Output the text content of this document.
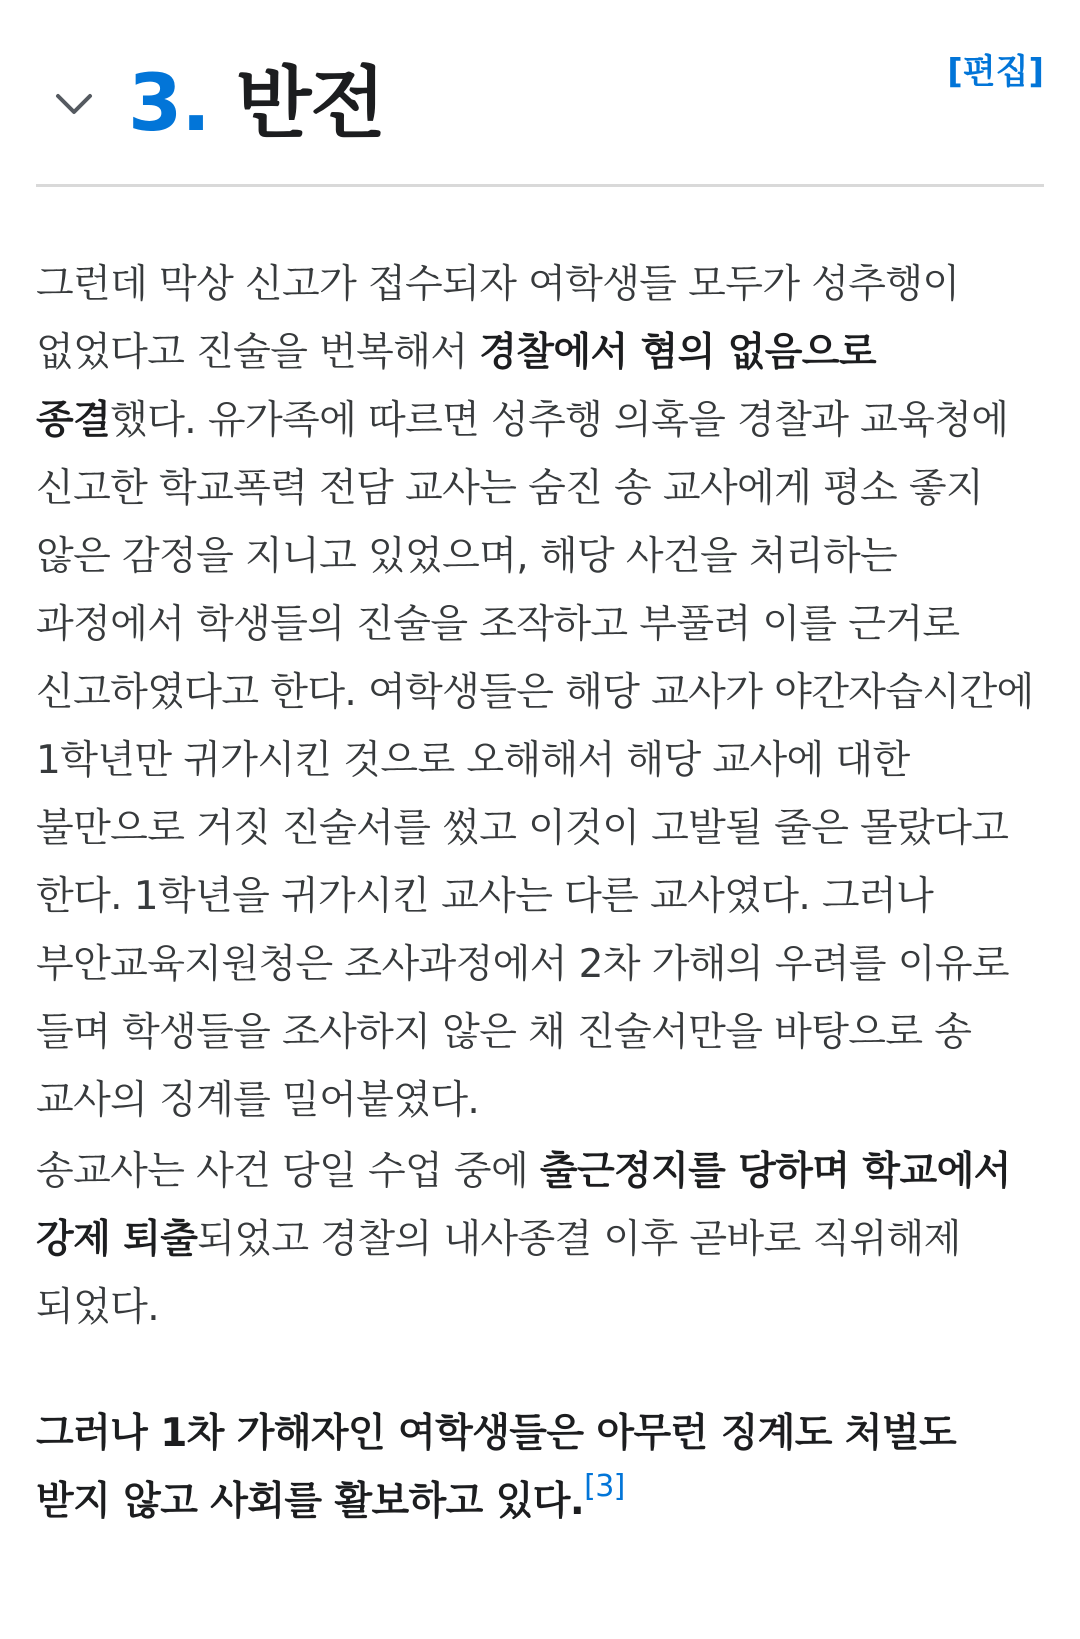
3. 반전	[편집]

그런데 막상 신고가 접수되자 여학생들 모두가 성추행이 없었다고 진술을 번복해서 경찰에서 혐의 없음으로 종결했다. 유가족에 따르면 성추행 의혹을 경찰과 교육청에 신고한 학교폭력 전담 교사는 숨진 송 교사에게 평소 좋지 않은 감정을 지니고 있었으며, 해당 사건을 처리하는 과정에서 학생들의 진술을 조작하고 부풀려 이를 근거로 신고하였다고 한다. 여학생들은 해당 교사가 야간자습시간에 1학년만 귀가시킨 것으로 오해해서 해당 교사에 대한 불만으로 거짓 진술서를 썼고 이것이 고발될 줄은 몰랐다고 한다. 1학년을 귀가시킨 교사는 다른 교사였다. 그러나 부안교육지원청은 조사과정에서 2차 가해의 우려를 이유로 들며 학생들을 조사하지 않은 채 진술서만을 바탕으로 송 교사의 징계를 밀어붙였다.

송교사는 사건 당일 수업 중에 출근정지를 당하며 학교에서 강제 퇴출되었고 경찰의 내사종결 이후 곧바로 직위해제 되었다.

그러나 1차 가해자인 여학생들은 아무런 징계도 처벌도 받지 않고 사회를 활보하고 있다.[3]
